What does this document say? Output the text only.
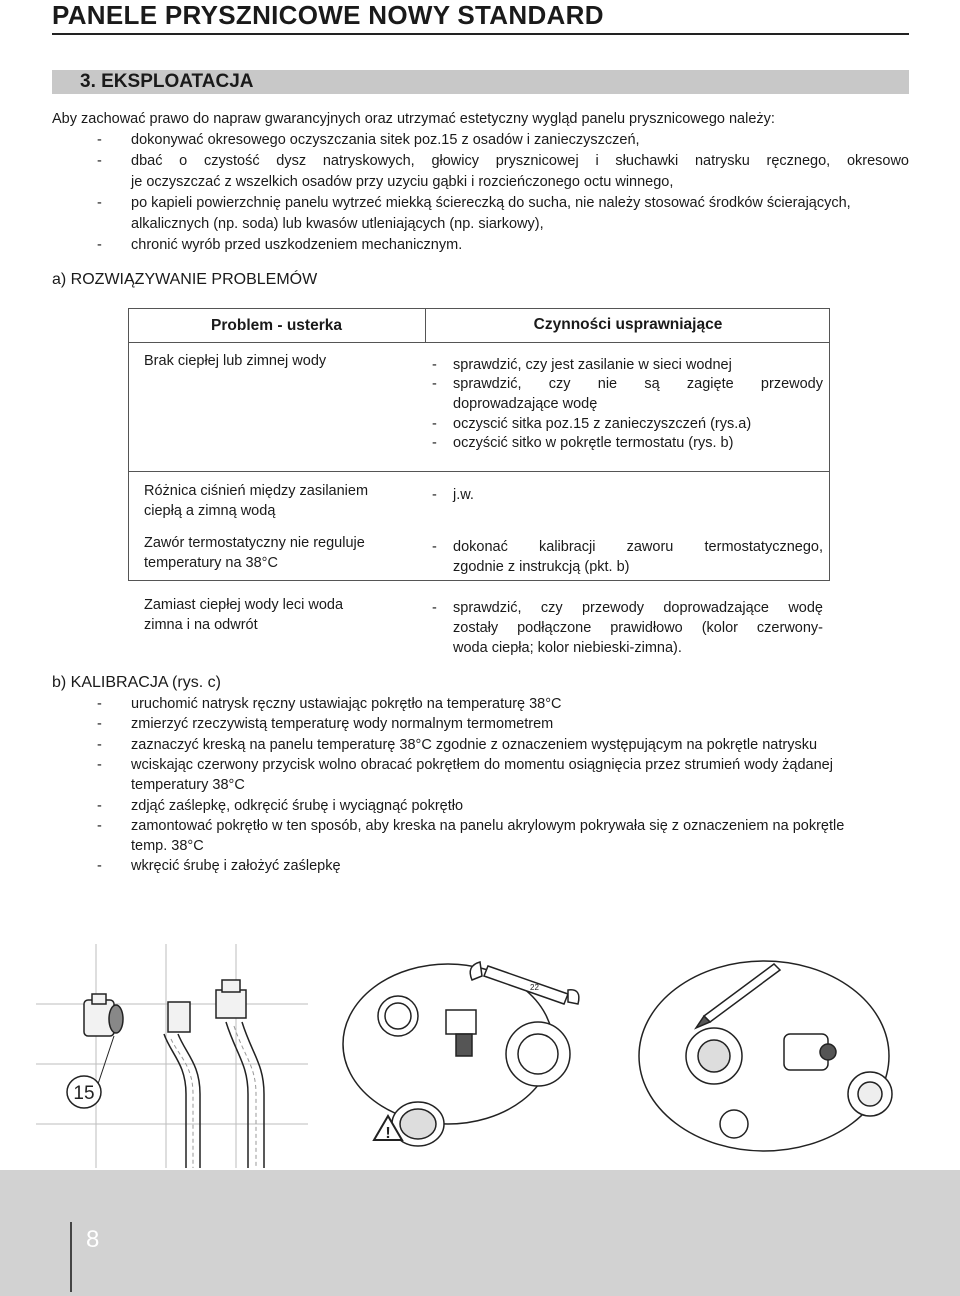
PANELE PRYSZNICOWE NOWY STANDARD
3. EKSPLOATACJA
Aby zachować prawo do napraw gwarancyjnych oraz utrzymać estetyczny wygląd panelu prysznicowego należy:
- dokonywać okresowego oczyszczania sitek poz.15 z osadów i zanieczyszczeń,
- dbać o czystość dysz natryskowych, głowicy prysznicowej i słuchawki natrysku ręcznego, okresowo
je oczyszczać z wszelkich osadów przy uzyciu gąbki i rozcieńczonego octu winnego,
- po kapieli powierzchnię panelu wytrzeć miekką ściereczką do sucha, nie należy stosować środków ścierających,
alkalicznych (np. soda) lub kwasów utleniających (np. siarkowy),
- chronić wyrób przed uszkodzeniem mechanicznym.
a) ROZWIĄZYWANIE PROBLEMÓW
Problem - usterka	Czynności usprawniające
Brak ciepłej lub zimnej wody	- sprawdzić, czy jest zasilanie w sieci wodnej
- sprawdzić, czy nie są zagięte przewody
doprowadzające wodę
- oczyscić sitka poz.15 z zanieczyszczeń (rys.a)
- oczyścić sitko w pokrętle termostatu (rys. b)
Różnica ciśnień między zasilaniem
ciepłą a zimną wodą
- j.w.
Zawór termostatyczny nie reguluje
temperatury na 38°C
- dokonać kalibracji zaworu termostatycznego,
zgodnie z instrukcją (pkt. b)
Zamiast ciepłej wody leci woda
zimna i na odwrót
- sprawdzić, czy przewody doprowadzające wodę
zostały podłączone prawidłowo (kolor czerwony-
woda ciepła; kolor niebieski-zimna).
b) KALIBRACJA (rys. c)
- uruchomić natrysk ręczny ustawiając pokrętło na temperaturę 38°C
- zmierzyć rzeczywistą temperaturę wody normalnym termometrem
- zaznaczyć kreską na panelu temperaturę 38°C zgodnie z oznaczeniem występującym na pokrętle natrysku
- wciskając czerwony przycisk wolno obracać pokrętłem do momentu osiągnięcia przez strumień wody żądanej
temperatury 38°C
- zdjąć zaślepkę, odkręcić śrubę i wyciągnąć pokrętło
- zamontować pokrętło w ten sposób, aby kreska na panelu akrylowym pokrywała się z oznaczeniem na pokrętle
temp. 38°C
- wkręcić śrubę i założyć zaślepkę
15
a
22
!
b	c
8
